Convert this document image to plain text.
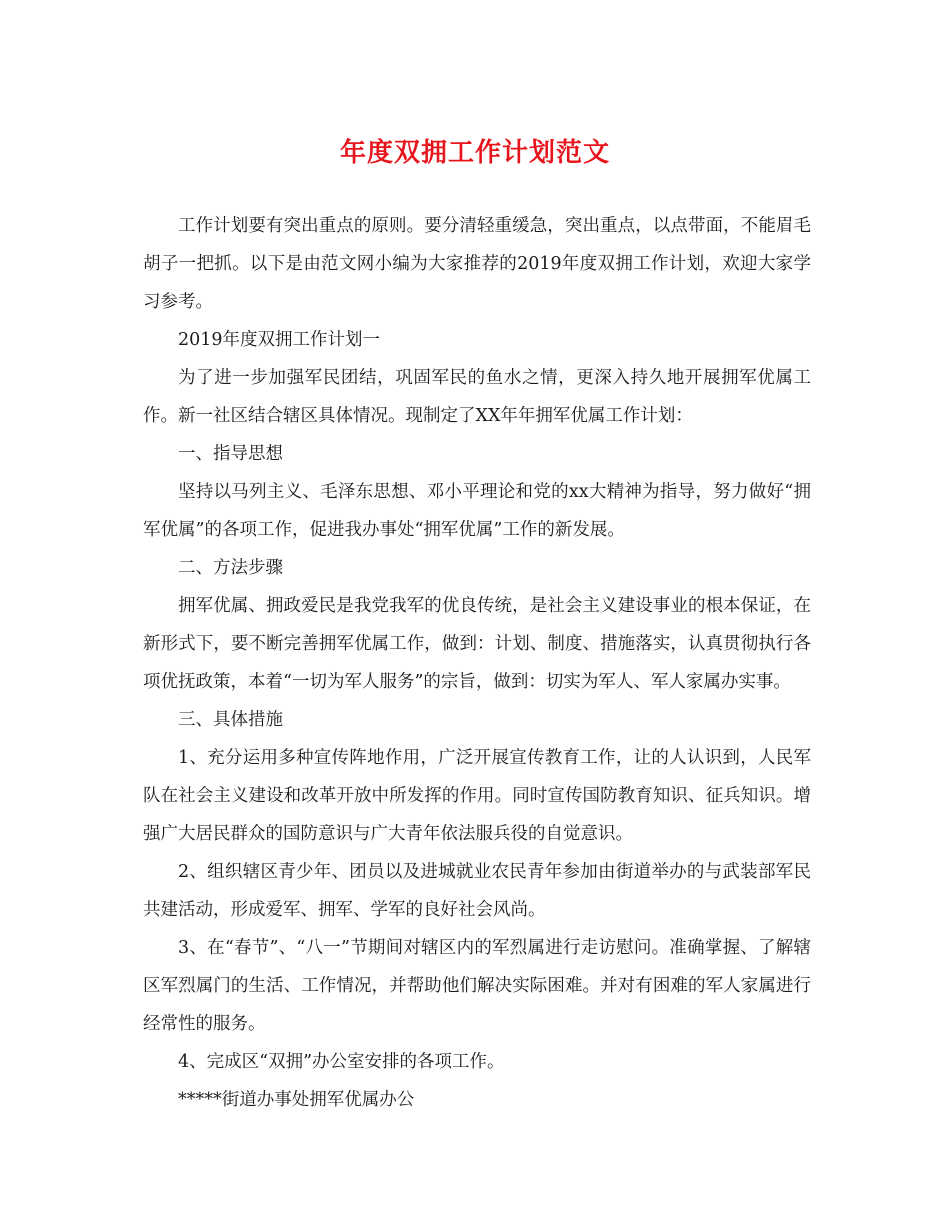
年度双拥工作计划范文

工作计划要有突出重点的原则。要分清轻重缓急，突出重点，以点带面，不能眉毛胡子一把抓。以下是由范文网小编为大家推荐的2019年度双拥工作计划，欢迎大家学习参考。

2019年度双拥工作计划一

为了进一步加强军民团结，巩固军民的鱼水之情，更深入持久地开展拥军优属工作。新一社区结合辖区具体情况。现制定了XX年年拥军优属工作计划：

一、指导思想

坚持以马列主义、毛泽东思想、邓小平理论和党的xx大精神为指导，努力做好“拥军优属”的各项工作，促进我办事处“拥军优属”工作的新发展。

二、方法步骤

拥军优属、拥政爱民是我党我军的优良传统，是社会主义建设事业的根本保证，在新形式下，要不断完善拥军优属工作，做到：计划、制度、措施落实，认真贯彻执行各项优抚政策，本着“一切为军人服务”的宗旨，做到：切实为军人、军人家属办实事。

三、具体措施

1、充分运用多种宣传阵地作用，广泛开展宣传教育工作，让的人认识到，人民军队在社会主义建设和改革开放中所发挥的作用。同时宣传国防教育知识、征兵知识。增强广大居民群众的国防意识与广大青年依法服兵役的自觉意识。

2、组织辖区青少年、团员以及进城就业农民青年参加由街道举办的与武装部军民共建活动，形成爱军、拥军、学军的良好社会风尚。

3、在“春节”、“八一”节期间对辖区内的军烈属进行走访慰问。准确掌握、了解辖区军烈属门的生活、工作情况，并帮助他们解决实际困难。并对有困难的军人家属进行经常性的服务。

4、完成区“双拥”办公室安排的各项工作。

*****街道办事处拥军优属办公
